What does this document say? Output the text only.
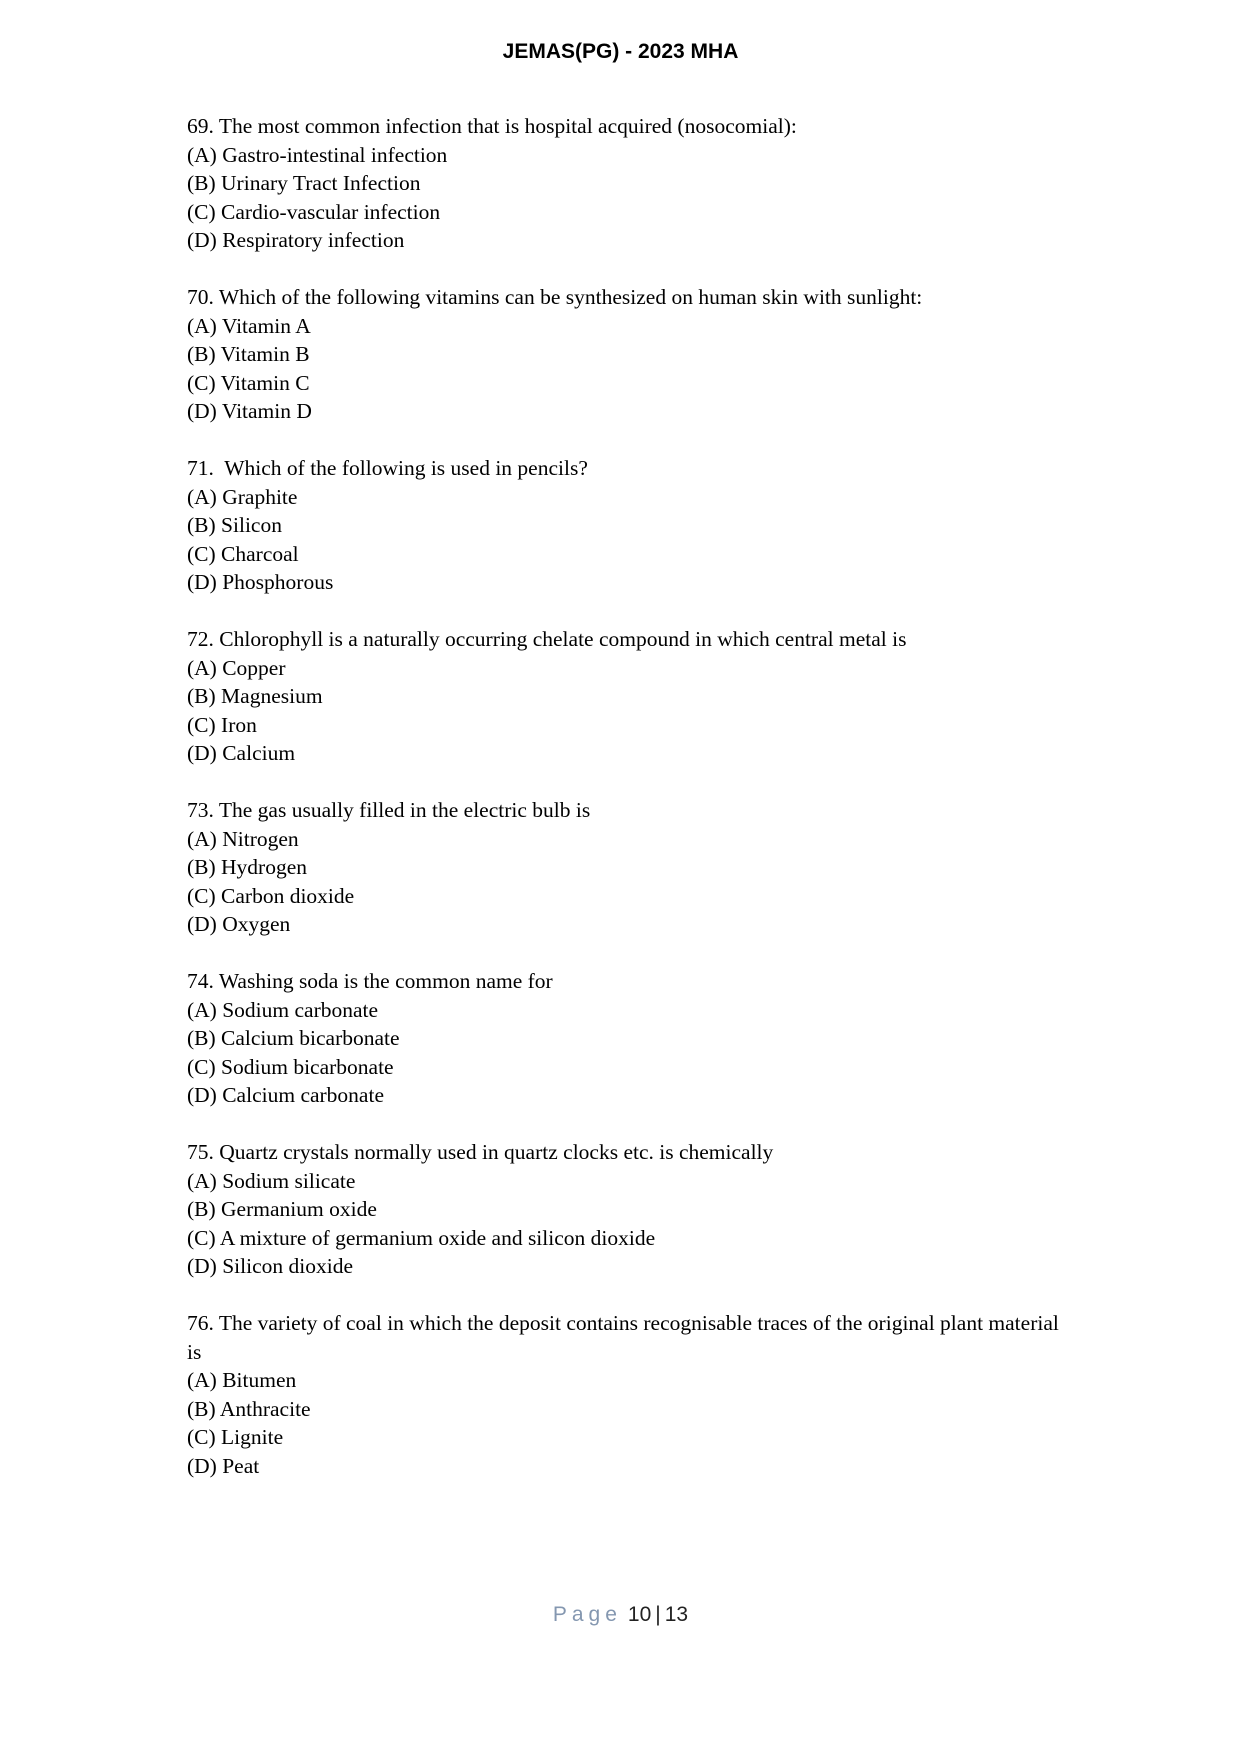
JEMAS(PG) - 2023 MHA
69. The most common infection that is hospital acquired (nosocomial):
(A) Gastro-intestinal infection
(B) Urinary Tract Infection
(C) Cardio-vascular infection
(D) Respiratory infection
70. Which of the following vitamins can be synthesized on human skin with sunlight:
(A) Vitamin A
(B) Vitamin B
(C) Vitamin C
(D) Vitamin D
71.  Which of the following is used in pencils?
(A) Graphite
(B) Silicon
(C) Charcoal
(D) Phosphorous
72. Chlorophyll is a naturally occurring chelate compound in which central metal is
(A) Copper
(B) Magnesium
(C) Iron
(D) Calcium
73. The gas usually filled in the electric bulb is
(A) Nitrogen
(B) Hydrogen
(C) Carbon dioxide
(D) Oxygen
74. Washing soda is the common name for
(A) Sodium carbonate
(B) Calcium bicarbonate
(C) Sodium bicarbonate
(D) Calcium carbonate
75. Quartz crystals normally used in quartz clocks etc. is chemically
(A) Sodium silicate
(B) Germanium oxide
(C) A mixture of germanium oxide and silicon dioxide
(D) Silicon dioxide
76. The variety of coal in which the deposit contains recognisable traces of the original plant material is
(A) Bitumen
(B) Anthracite
(C) Lignite
(D) Peat
Page 10 | 13
